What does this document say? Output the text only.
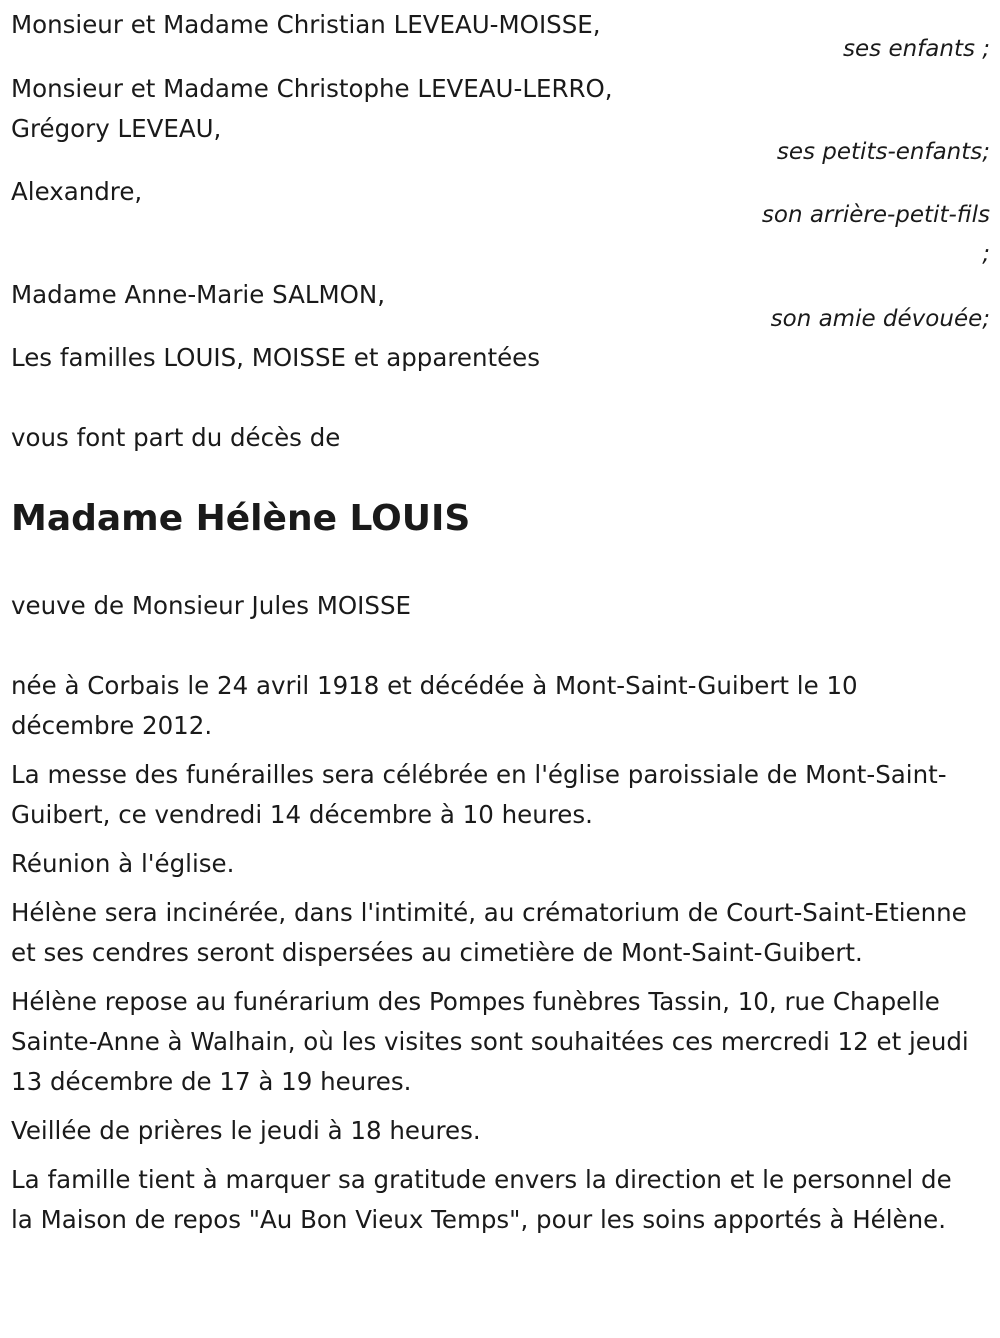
Monsieur et Madame Christian LEVEAU-MOISSE,
ses enfants ;
Monsieur et Madame Christophe LEVEAU-LERRO,
Grégory LEVEAU,
ses petits-enfants;
Alexandre,
son arrière-petit-fils
;
Madame Anne-Marie SALMON,
son amie dévouée;
Les familles LOUIS, MOISSE et apparentées
vous font part du décès de
Madame Hélène LOUIS
veuve de Monsieur Jules MOISSE

née à Corbais le 24 avril 1918 et décédée à Mont-Saint-Guibert le 10 décembre 2012.

La messe des funérailles sera célébrée en l'église paroissiale de Mont-Saint-Guibert, ce vendredi 14 décembre à 10 heures.

Réunion à l'église.

Hélène sera incinérée, dans l'intimité, au crématorium de Court-Saint-Etienne et ses cendres seront dispersées au cimetière de Mont-Saint-Guibert.

Hélène repose au funérarium des Pompes funèbres Tassin, 10, rue Chapelle Sainte-Anne à Walhain, où les visites sont souhaitées ces mercredi 12 et jeudi 13 décembre de 17 à 19 heures.

Veillée de prières le jeudi à 18 heures.

La famille tient à marquer sa gratitude envers la direction et le personnel de la Maison de repos "Au Bon Vieux Temps", pour les soins apportés à Hélène.
